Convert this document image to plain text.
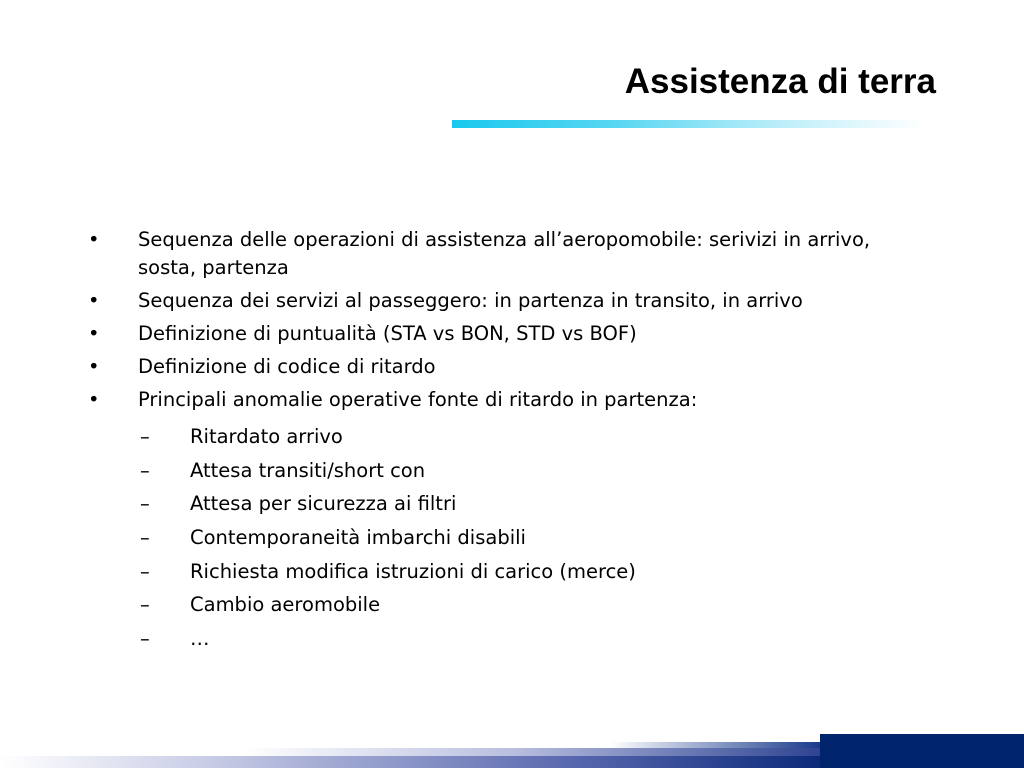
Assistenza di terra
•	Sequenza delle operazioni di assistenza all’aeropomobile: serivizi in arrivo, sosta, partenza
•	Sequenza dei servizi al passeggero: in partenza in transito, in arrivo
•	Definizione di puntualità (STA vs BON, STD vs BOF)
•	Definizione di codice di ritardo
•	Principali anomalie operative fonte di ritardo in partenza:
– Ritardato arrivo
– Attesa transiti/short con
– Attesa per sicurezza ai filtri
– Contemporaneità imbarchi disabili
– Richiesta modifica istruzioni di carico (merce)
– Cambio aeromobile
– …
